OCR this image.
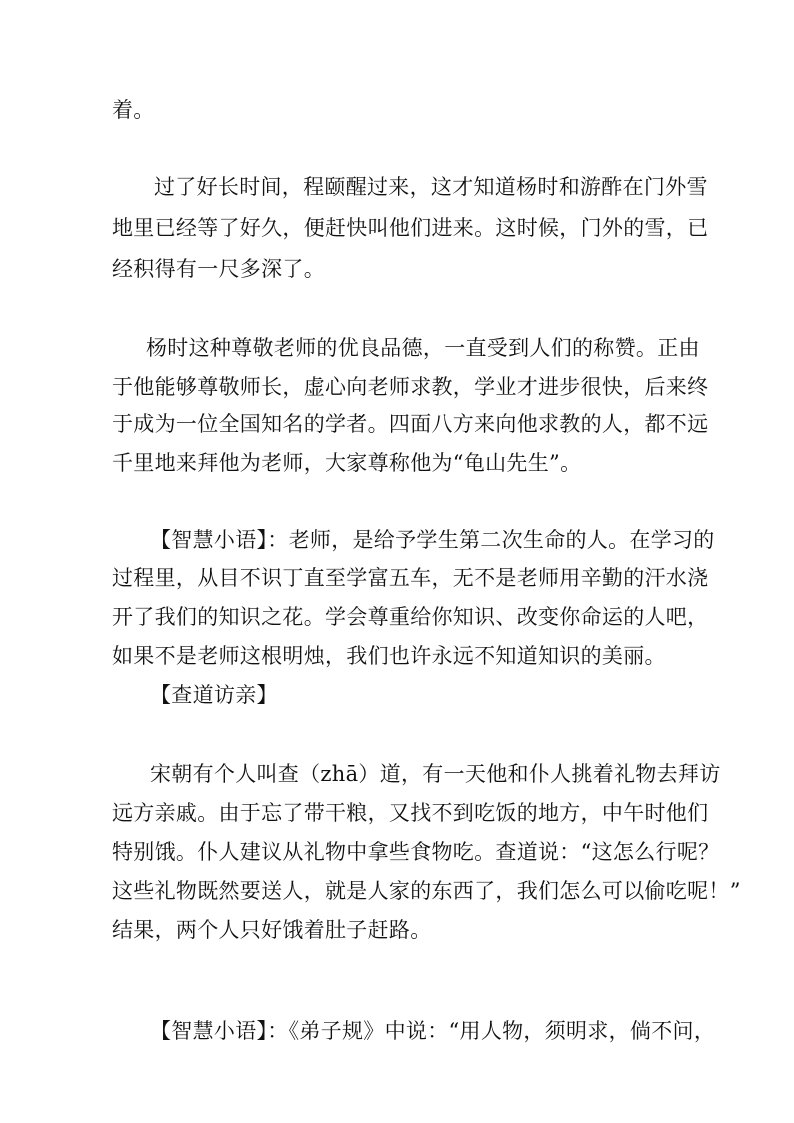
着。

过了好长时间，程颐醒过来，这才知道杨时和游酢在门外雪

地里已经等了好久，便赶快叫他们进来。这时候，门外的雪，已

经积得有一尺多深了。

杨时这种尊敬老师的优良品德，一直受到人们的称赞。正由

于他能够尊敬师长，虚心向老师求教，学业才进步很快，后来终

于成为一位全国知名的学者。四面八方来向他求教的人，都不远

千里地来拜他为老师，大家尊称他为“龟山先生”。

【智慧小语】：老师，是给予学生第二次生命的人。在学习的

过程里，从目不识丁直至学富五车，无不是老师用辛勤的汗水浇

开了我们的知识之花。学会尊重给你知识、改变你命运的人吧，

如果不是老师这根明烛，我们也许永远不知道知识的美丽。

【查道访亲】

宋朝有个人叫查（zhā）道，有一天他和仆人挑着礼物去拜访

远方亲戚。由于忘了带干粮，又找不到吃饭的地方，中午时他们

特别饿。仆人建议从礼物中拿些食物吃。查道说：“这怎么行呢？

这些礼物既然要送人，就是人家的东西了，我们怎么可以偷吃呢！”

结果，两个人只好饿着肚子赶路。

【智慧小语】：《弟子规》中说：“用人物，须明求，倘不问，
